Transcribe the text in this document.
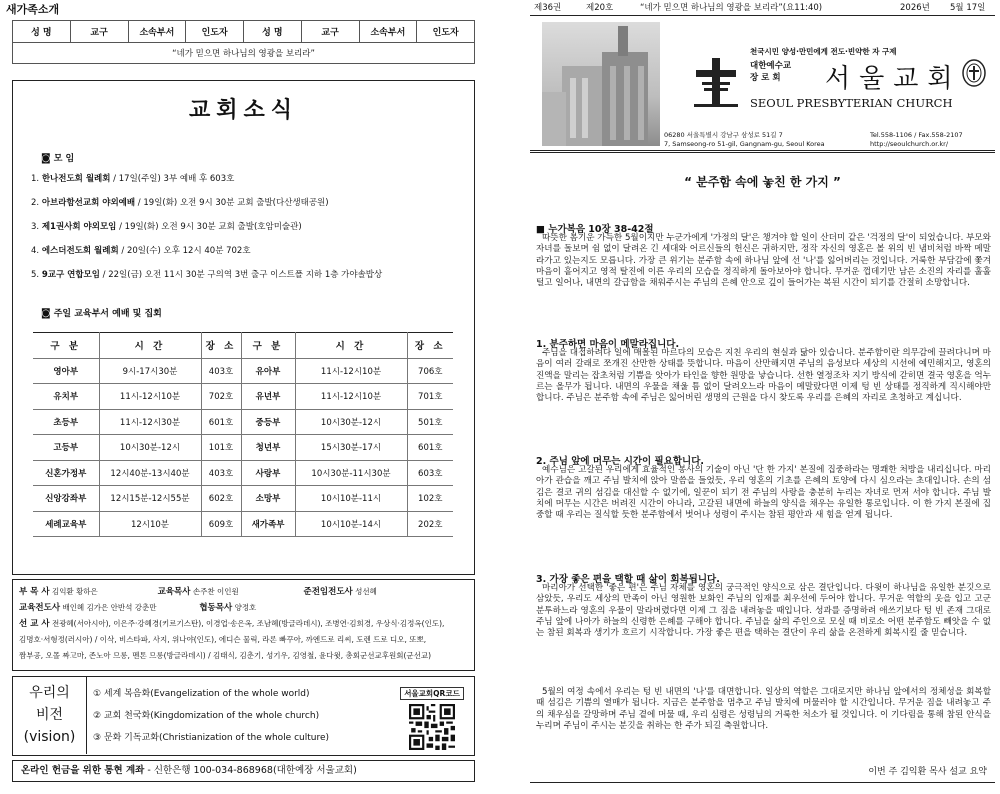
새가족소개
성 명	교구	소속부서	인도자	성 명	교구	소속부서	인도자
“네가 믿으면 하나님의 영광을 보리라”
교회소식
◙ 모 임
1. 한나전도회 월례회 / 17일(주일) 3부 예배 후 603호
2. 아브라함선교회 야외예배 / 19일(화) 오전 9시 30분 교회 출발(다산생태공원)
3. 제1권사회 야외모임 / 19일(화) 오전 9시 30분 교회 출발(호암미술관)
4. 에스더전도회 월례회 / 20일(수) 오후 12시 40분 702호
5. 9교구 연합모임 / 22일(금) 오전 11시 30분 구의역 3번 출구 이스트폴 지하 1층 가야솔밥상
◙ 주일 교육부서 예배 및 집회
구 분	시 간	장 소	구 분	시 간	장 소
영아부	9시-17시30분	403호	유아부	11시-12시10분	706호
유치부	11시-12시10분	702호	유년부	11시-12시10분	701호
초등부	11시-12시30분	601호	중등부	10시30분-12시	501호
고등부	10시30분-12시	101호	청년부	15시30분-17시	601호
신혼가정부	12시40분-13시40분	403호	사랑부	10시30분-11시30분	603호
신앙강좌부	12시15분-12시55분	602호	소망부	10시10분-11시	102호
세례교육부	12시10분	609호	새가족부	10시10분-14시	202호
부 목 사 김익환 황하은	교육목사 손주찬 이인원	준전임전도사 성선혜
교육전도사 배인혜 김가은 안반석 강춘만	협동목사 양정호
선 교 사 전광혜(서아시아), 이은주·강혜경(키르기스탄), 이경업·송은옥, 조남혜(방글라데시), 조병연·김희경, 우상식·김정옥(인도),
김명호·서형정(러시아) / 이삭, 비스타파, 사지, 위나야(인도), 에디슨 물릭, 라론 빠꾸아, 까엔드로 리씨, 도렌 드로 디오, 또뽀,
짬부공, 오몰 짜고마, 존노아 므롱, 멘톤 므롱(방글라데시) / 김태식, 김춘기, 성기우, 김영철, 윤다윗, 총회군선교후원회(군선교)
우리의
비전
(vision)
① 세계 복음화(Evangelization of the whole world)
② 교회 천국화(Kingdomization of the whole church)
③ 문화 기독교화(Christianization of the whole culture)
서울교회QR코드
온라인 헌금을 위한 통현 계좌 - 신한은행 100-034-868968(대한예장 서울교회)
제36권	제20호	“네가 믿으면 하나님의 영광을 보리라”(요11:40)	2026년 5월 17일
천국시민 양성·만민에게 전도·빈약한 자 구제
대한예수교
장 로 회	서울교회
SEOUL PRESBYTERIAN CHURCH
06280 서울특별시 강남구 삼성로 51길 7
7, Samseong-ro 51-gil, Gangnam-gu, Seoul Korea
Tel.558-1106 / Fax.558-2107
http://seoulchurch.or.kr/
“ 분주함 속에 놓친 한 가지 ”
■ 누가복음 10장 38-42절
따뜻한 봄기운 가득한 5월이지만 누군가에게 '가정의 달'은 챙겨야 할 일이 산더미 같은 '걱정의 달'이 되었습니다. 부모와 자녀를 돌보며 쉼 없이 달려온 긴 세대와 어르신들의 헌신은 귀하지만, 정작 자신의 영혼은 볼 위의 빈 냄비처럼 바짝 메말라가고 있는지도 모릅니다. 가장 큰 위기는 분주함 속에 하나님 앞에 선 '나'를 잃어버리는 것입니다. 거룩한 부담감에 쫓겨 마음이 흩어지고 영적 탈진에 이른 우리의 모습을 정직하게 돌아보아야 합니다. 무거운 껍데기만 남은 소진의 자리를 훌훌 털고 일어나, 내면의 갈급함을 채워주시는 주님의 은혜 안으로 깊이 들어가는 복된 시간이 되기를 간절히 소망합니다.
1. 분주하면 마음이 메말라집니다.
주님을 대접하려다 일에 매몰된 마르다의 모습은 지친 우리의 현실과 닮아 있습니다. 분주함이란 의무감에 끌려다니며 마음이 여러 갈래로 쪼개진 산만한 상태를 뜻합니다. 마음이 산만해지면 주님의 음성보다 세상의 시선에 예민해지고, 영혼의 진액을 말리는 잡초처럼 기쁨을 앗아가 타인을 향한 원망을 낳습니다. 선한 열정조차 지기 방식에 갇히면 결국 영혼을 억누르는 올무가 됩니다. 내면의 우물을 채울 틈 없이 달려오느라 마음이 메말랐다면 이제 텅 빈 상태를 정직하게 직시해야만 합니다. 주님은 분주함 속에 주님은 잃어버린 생명의 근원을 다시 찾도록 우리를 은혜의 자리로 초청하고 계십니다.
2. 주님 앞에 머무는 시간이 필요합니다.
예수님은 고갈된 우리에게 효율적인 봉사의 기술이 아닌 '단 한 가지' 본질에 집중하라는 명쾌한 처방을 내리십니다. 마리아가 관습을 깨고 주님 발치에 앉아 말씀을 들었듯, 우리 영혼의 기초를 은혜의 토양에 다시 심으라는 초대입니다. 손의 섬김은 결코 귀의 섬김을 대신할 수 없기에, 일꾼이 되기 전 주님의 사랑을 충분히 누리는 자녀로 먼저 서야 합니다. 주님 발치에 머무는 시간은 버려진 시간이 아니라, 고갈된 내면에 하늘의 양식을 채우는 유일한 통로입니다. 이 한 가지 본질에 집중할 때 우리는 질식할 듯한 분주함에서 벗어나 성령이 주시는 참된 평안과 새 힘을 얻게 됩니다.
3. 가장 좋은 편을 택할 때 삶이 회복됩니다.
마리아가 선택한 '좋은 편'은 주님 자체를 영혼의 궁극적인 양식으로 삼은 결단입니다. 다윗이 하나님을 유일한 분깃으로 삼았듯, 우리도 세상의 만족이 아닌 영원한 보화인 주님의 임재를 최우선에 두어야 합니다. 무거운 역할의 옷을 입고 고군분투하느라 영혼의 우물이 말라버렸다면 이제 그 짐을 내려놓을 때입니다. 성과를 증명하려 애쓰기보다 텅 빈 존재 그대로 주님 앞에 나아가 하늘의 신령한 은혜를 구해야 합니다. 주님을 삶의 주인으로 모실 때 비로소 어떤 분주함도 빼앗을 수 없는 참된 회복과 생기가 흐르기 시작합니다. 가장 좋은 편을 택하는 결단이 우리 삶을 온전하게 회복시킬 줄 믿습니다.
5월의 여정 속에서 우리는 텅 빈 내면의 '나'를 대면합니다. 일상의 역할은 그대로지만 하나님 앞에서의 정체성을 회복할 때 섬김은 기쁨의 열매가 됩니다. 지금은 분주함을 멈추고 주님 발치에 머물러야 할 시간입니다. 무거운 짐을 내려놓고 주의 채우심을 갈망하며 주님 곁에 머물 때, 우리 심령은 성령님의 거룩한 처소가 될 것입니다. 이 기다림을 통해 참된 안식을 누리며 주님이 주시는 분깃을 취하는 한 주가 되길 축원합니다.
이번 주 김익환 목사 설교 요약
